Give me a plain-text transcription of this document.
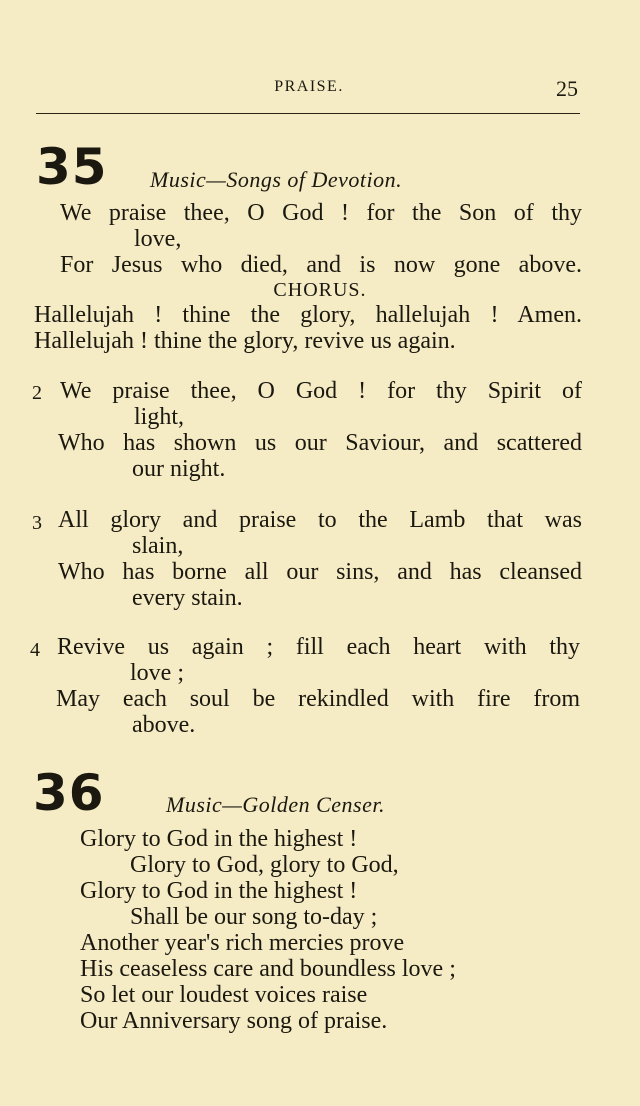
PRAISE.	25
35 Music—Songs of Devotion.
We praise thee, O God ! for the Son of thy
love,
For Jesus who died, and is now gone above.
CHORUS.
Hallelujah ! thine the glory, hallelujah ! Amen.
Hallelujah ! thine the glory, revive us again.
2 We praise thee, O God ! for thy Spirit of
light,
Who has shown us our Saviour, and scattered
our night.
3 All glory and praise to the Lamb that was
slain,
Who has borne all our sins, and has cleansed
every stain.
4 Revive us again ; fill each heart with thy
love ;
May each soul be rekindled with fire from
above.
36	Music—Golden Censer.
Glory to God in the highest !
Glory to God, glory to God,
Glory to God in the highest !
Shall be our song to-day ;
Another year's rich mercies prove
His ceaseless care and boundless love ;
So let our loudest voices raise
Our Anniversary song of praise.
